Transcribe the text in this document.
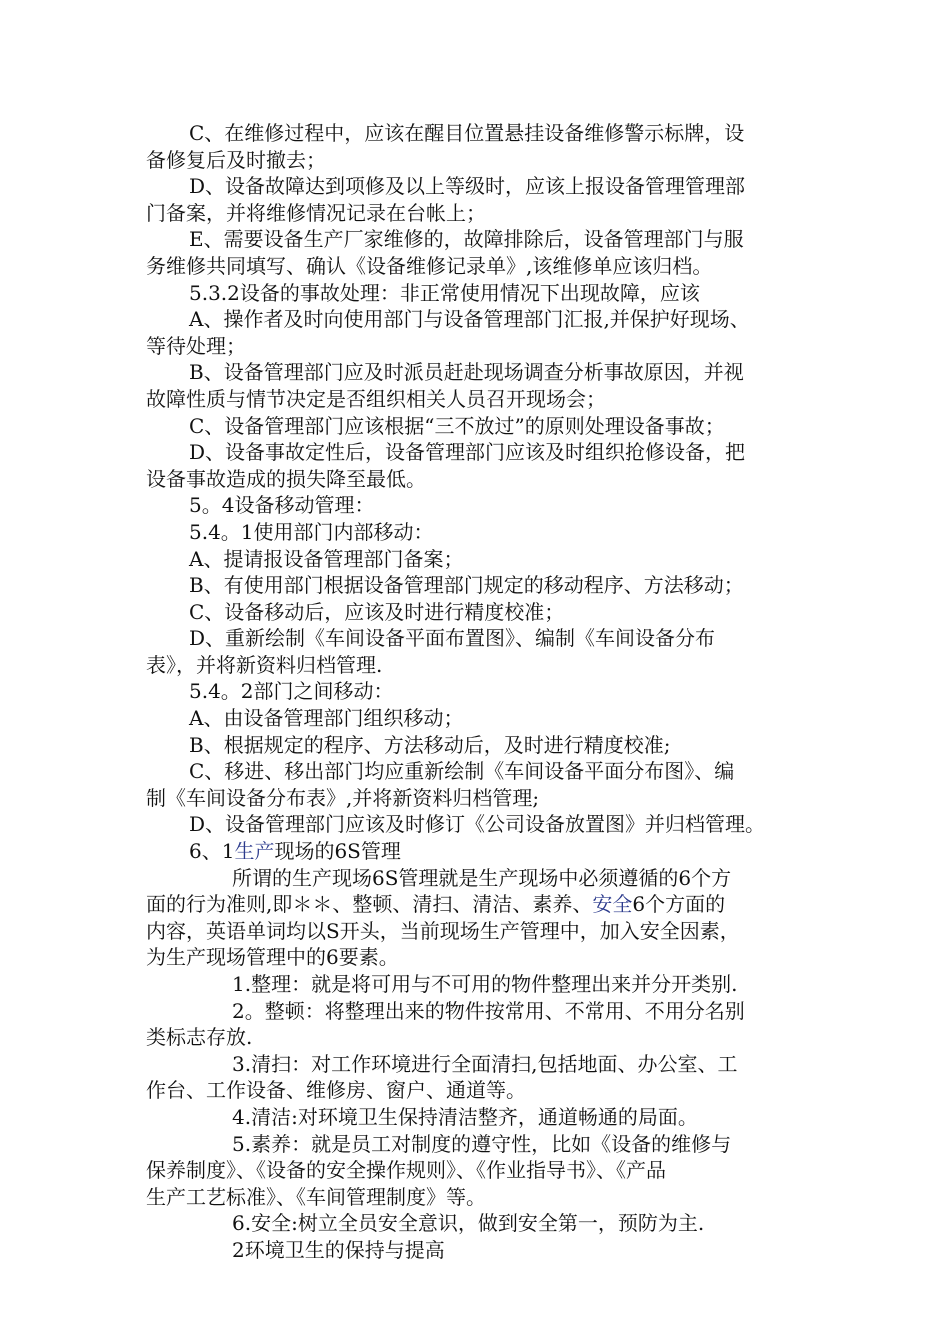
C、在维修过程中，应该在醒目位置悬挂设备维修警示标牌，设
备修复后及时撤去；
D、设备故障达到项修及以上等级时，应该上报设备管理管理部
门备案，并将维修情况记录在台帐上；
E、需要设备生产厂家维修的，故障排除后，设备管理部门与服
务维修共同填写、确认《设备维修记录单》,该维修单应该归档。
5.3.2设备的事故处理：非正常使用情况下出现故障，应该
A、操作者及时向使用部门与设备管理部门汇报,并保护好现场、
等待处理；
B、设备管理部门应及时派员赶赴现场调查分析事故原因，并视
故障性质与情节决定是否组织相关人员召开现场会；
C、设备管理部门应该根据“三不放过”的原则处理设备事故；
D、设备事故定性后，设备管理部门应该及时组织抢修设备，把
设备事故造成的损失降至最低。
5。4设备移动管理：
5.4。1使用部门内部移动：
A、提请报设备管理部门备案；
B、有使用部门根据设备管理部门规定的移动程序、方法移动；
C、设备移动后，应该及时进行精度校准；
D、重新绘制《车间设备平面布置图》、编制《车间设备分布
表》，并将新资料归档管理.
5.4。2部门之间移动：
A、由设备管理部门组织移动；
B、根据规定的程序、方法移动后，及时进行精度校准;
C、移进、移出部门均应重新绘制《车间设备平面分布图》、编
制《车间设备分布表》,并将新资料归档管理;
D、设备管理部门应该及时修订《公司设备放置图》并归档管理。
6、1生产现场的6S管理
所谓的生产现场6S管理就是生产现场中必须遵循的6个方
面的行为准则,即＊＊、整顿、清扫、清洁、素养、安全6个方面的
内容，英语单词均以S开头，当前现场生产管理中，加入安全因素，
为生产现场管理中的6要素。
1.整理：就是将可用与不可用的物件整理出来并分开类别.
2。整顿：将整理出来的物件按常用、不常用、不用分名别
类标志存放.
3.清扫：对工作环境进行全面清扫,包括地面、办公室、工
作台、工作设备、维修房、窗户、通道等。
4.清洁:对环境卫生保持清洁整齐，通道畅通的局面。
5.素养：就是员工对制度的遵守性，比如《设备的维修与
保养制度》、《设备的安全操作规则》、《作业指导书》、《产品
生产工艺标准》、《车间管理制度》等。
6.安全:树立全员安全意识，做到安全第一，预防为主.
2环境卫生的保持与提高
